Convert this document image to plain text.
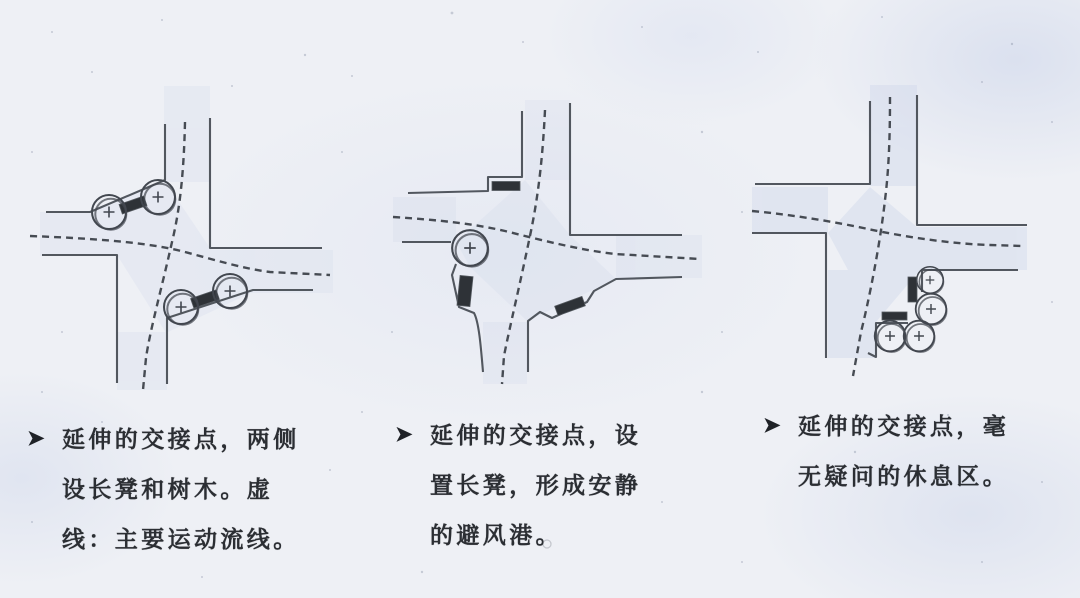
➤ 延伸的交接点，两侧
设长凳和树木。虚
线：主要运动流线。
➤ 延伸的交接点，设
置长凳，形成安静
的避风港。
➤ 延伸的交接点，毫
无疑问的休息区。
